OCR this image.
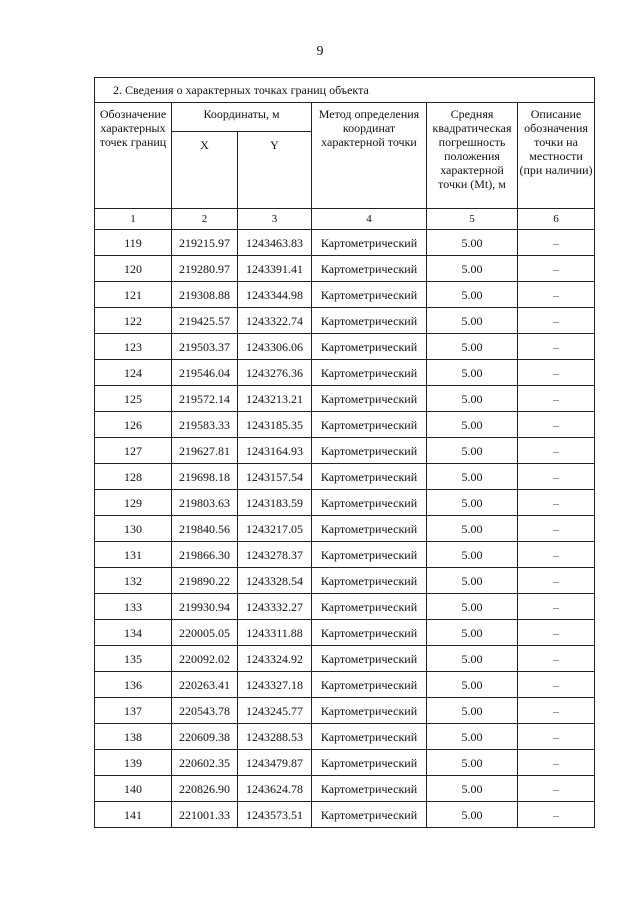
9
2. Сведения о характерных точках границ объекта					
Обозначение характерных точек границ	Координаты, м		Метод определения координат характерной точки	Средняя квадратическая погрешность положения характерной точки (Mt), м	Описание обозначения точки на местности (при наличии)
	X	Y			
1	2	3	4	5	6
119	219215.97	1243463.83	Картометрический	5.00	–
120	219280.97	1243391.41	Картометрический	5.00	–
121	219308.88	1243344.98	Картометрический	5.00	–
122	219425.57	1243322.74	Картометрический	5.00	–
123	219503.37	1243306.06	Картометрический	5.00	–
124	219546.04	1243276.36	Картометрический	5.00	–
125	219572.14	1243213.21	Картометрический	5.00	–
126	219583.33	1243185.35	Картометрический	5.00	–
127	219627.81	1243164.93	Картометрический	5.00	–
128	219698.18	1243157.54	Картометрический	5.00	–
129	219803.63	1243183.59	Картометрический	5.00	–
130	219840.56	1243217.05	Картометрический	5.00	–
131	219866.30	1243278.37	Картометрический	5.00	–
132	219890.22	1243328.54	Картометрический	5.00	–
133	219930.94	1243332.27	Картометрический	5.00	–
134	220005.05	1243311.88	Картометрический	5.00	–
135	220092.02	1243324.92	Картометрический	5.00	–
136	220263.41	1243327.18	Картометрический	5.00	–
137	220543.78	1243245.77	Картометрический	5.00	–
138	220609.38	1243288.53	Картометрический	5.00	–
139	220602.35	1243479.87	Картометрический	5.00	–
140	220826.90	1243624.78	Картометрический	5.00	–
141	221001.33	1243573.51	Картометрический	5.00	–
